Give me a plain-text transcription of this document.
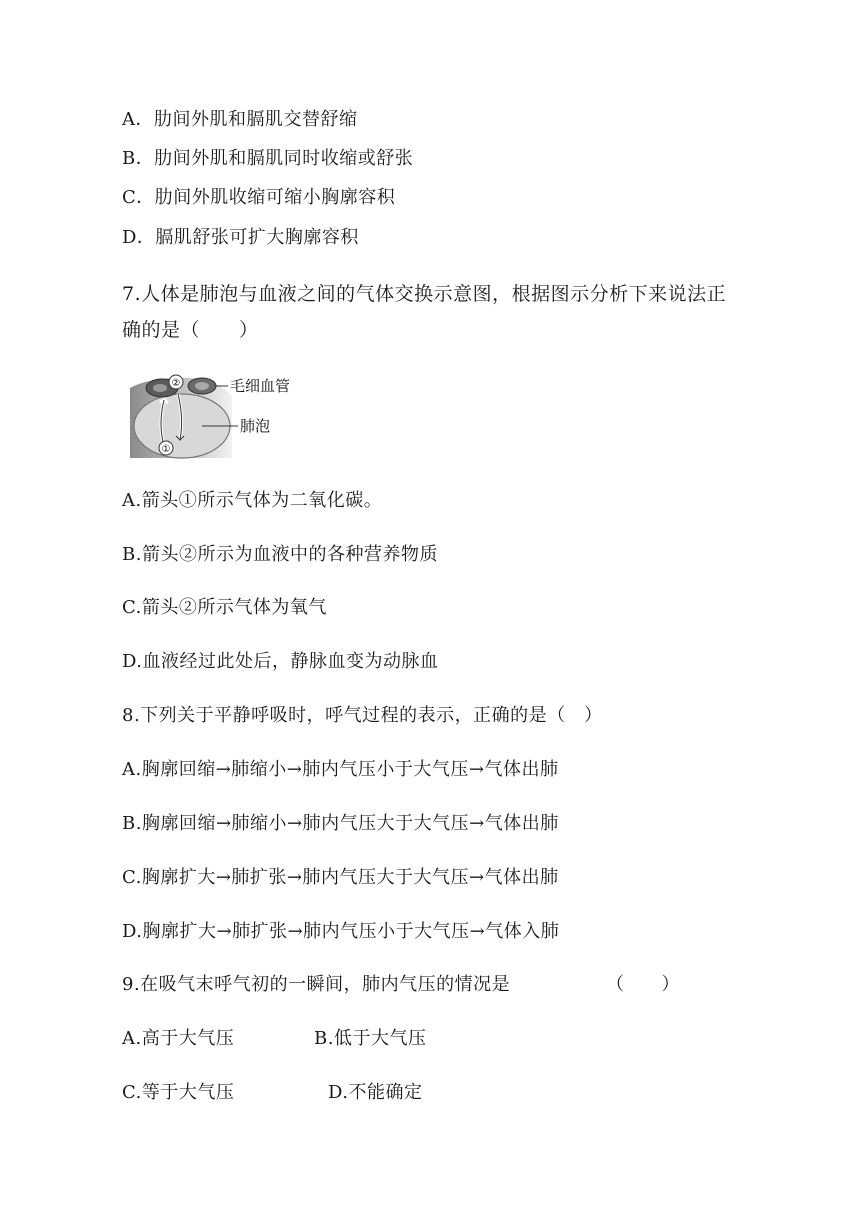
A．肋间外肌和膈肌交替舒缩
B．肋间外肌和膈肌同时收缩或舒张
C．肋间外肌收缩可缩小胸廓容积
D．膈肌舒张可扩大胸廓容积
7.人体是肺泡与血液之间的气体交换示意图，根据图示分析下来说法正
确的是（　　）
②
①
毛细血管
肺泡
A.箭头①所示气体为二氧化碳。
B.箭头②所示为血液中的各种营养物质
C.箭头②所示气体为氧气
D.血液经过此处后，静脉血变为动脉血
8.下列关于平静呼吸时，呼气过程的表示，正确的是（　）
A.胸廓回缩→肺缩小→肺内气压小于大气压→气体出肺
B.胸廓回缩→肺缩小→肺内气压大于大气压→气体出肺
C.胸廓扩大→肺扩张→肺内气压大于大气压→气体出肺
D.胸廓扩大→肺扩张→肺内气压小于大气压→气体入肺
9.在吸气末呼气初的一瞬间，肺内气压的情况是	（　　）
A.高于大气压	B.低于大气压
C.等于大气压	D.不能确定
